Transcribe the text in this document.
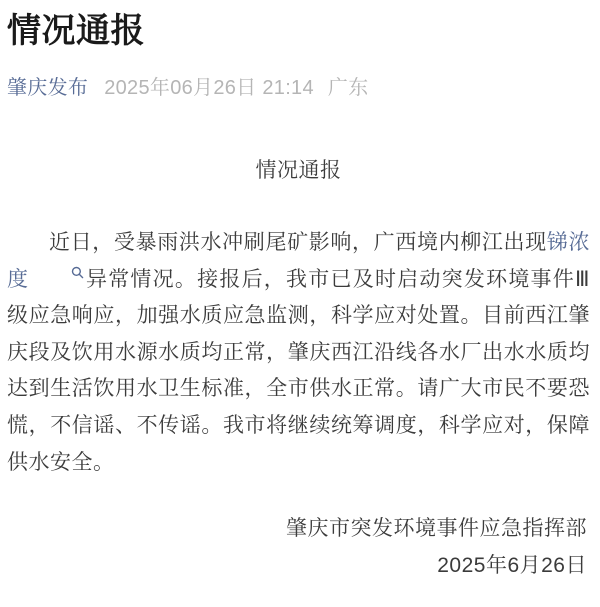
情况通报
肇庆发布 2025年06月26日 21:14 广东
情况通报

近日，受暴雨洪水冲刷尾矿影响，广西境内柳江出现锑浓度	异常情况。接报后，我市已及时启动突发环境事件Ⅲ级应急响应，加强水质应急监测，科学应对处置。目前西江肇庆段及饮用水源水质均正常，肇庆西江沿线各水厂出水水质均达到生活饮用水卫生标准，全市供水正常。请广大市民不要恐慌，不信谣、不传谣。我市将继续统筹调度，科学应对，保障供水安全。

肇庆市突发环境事件应急指挥部
2025年6月26日
